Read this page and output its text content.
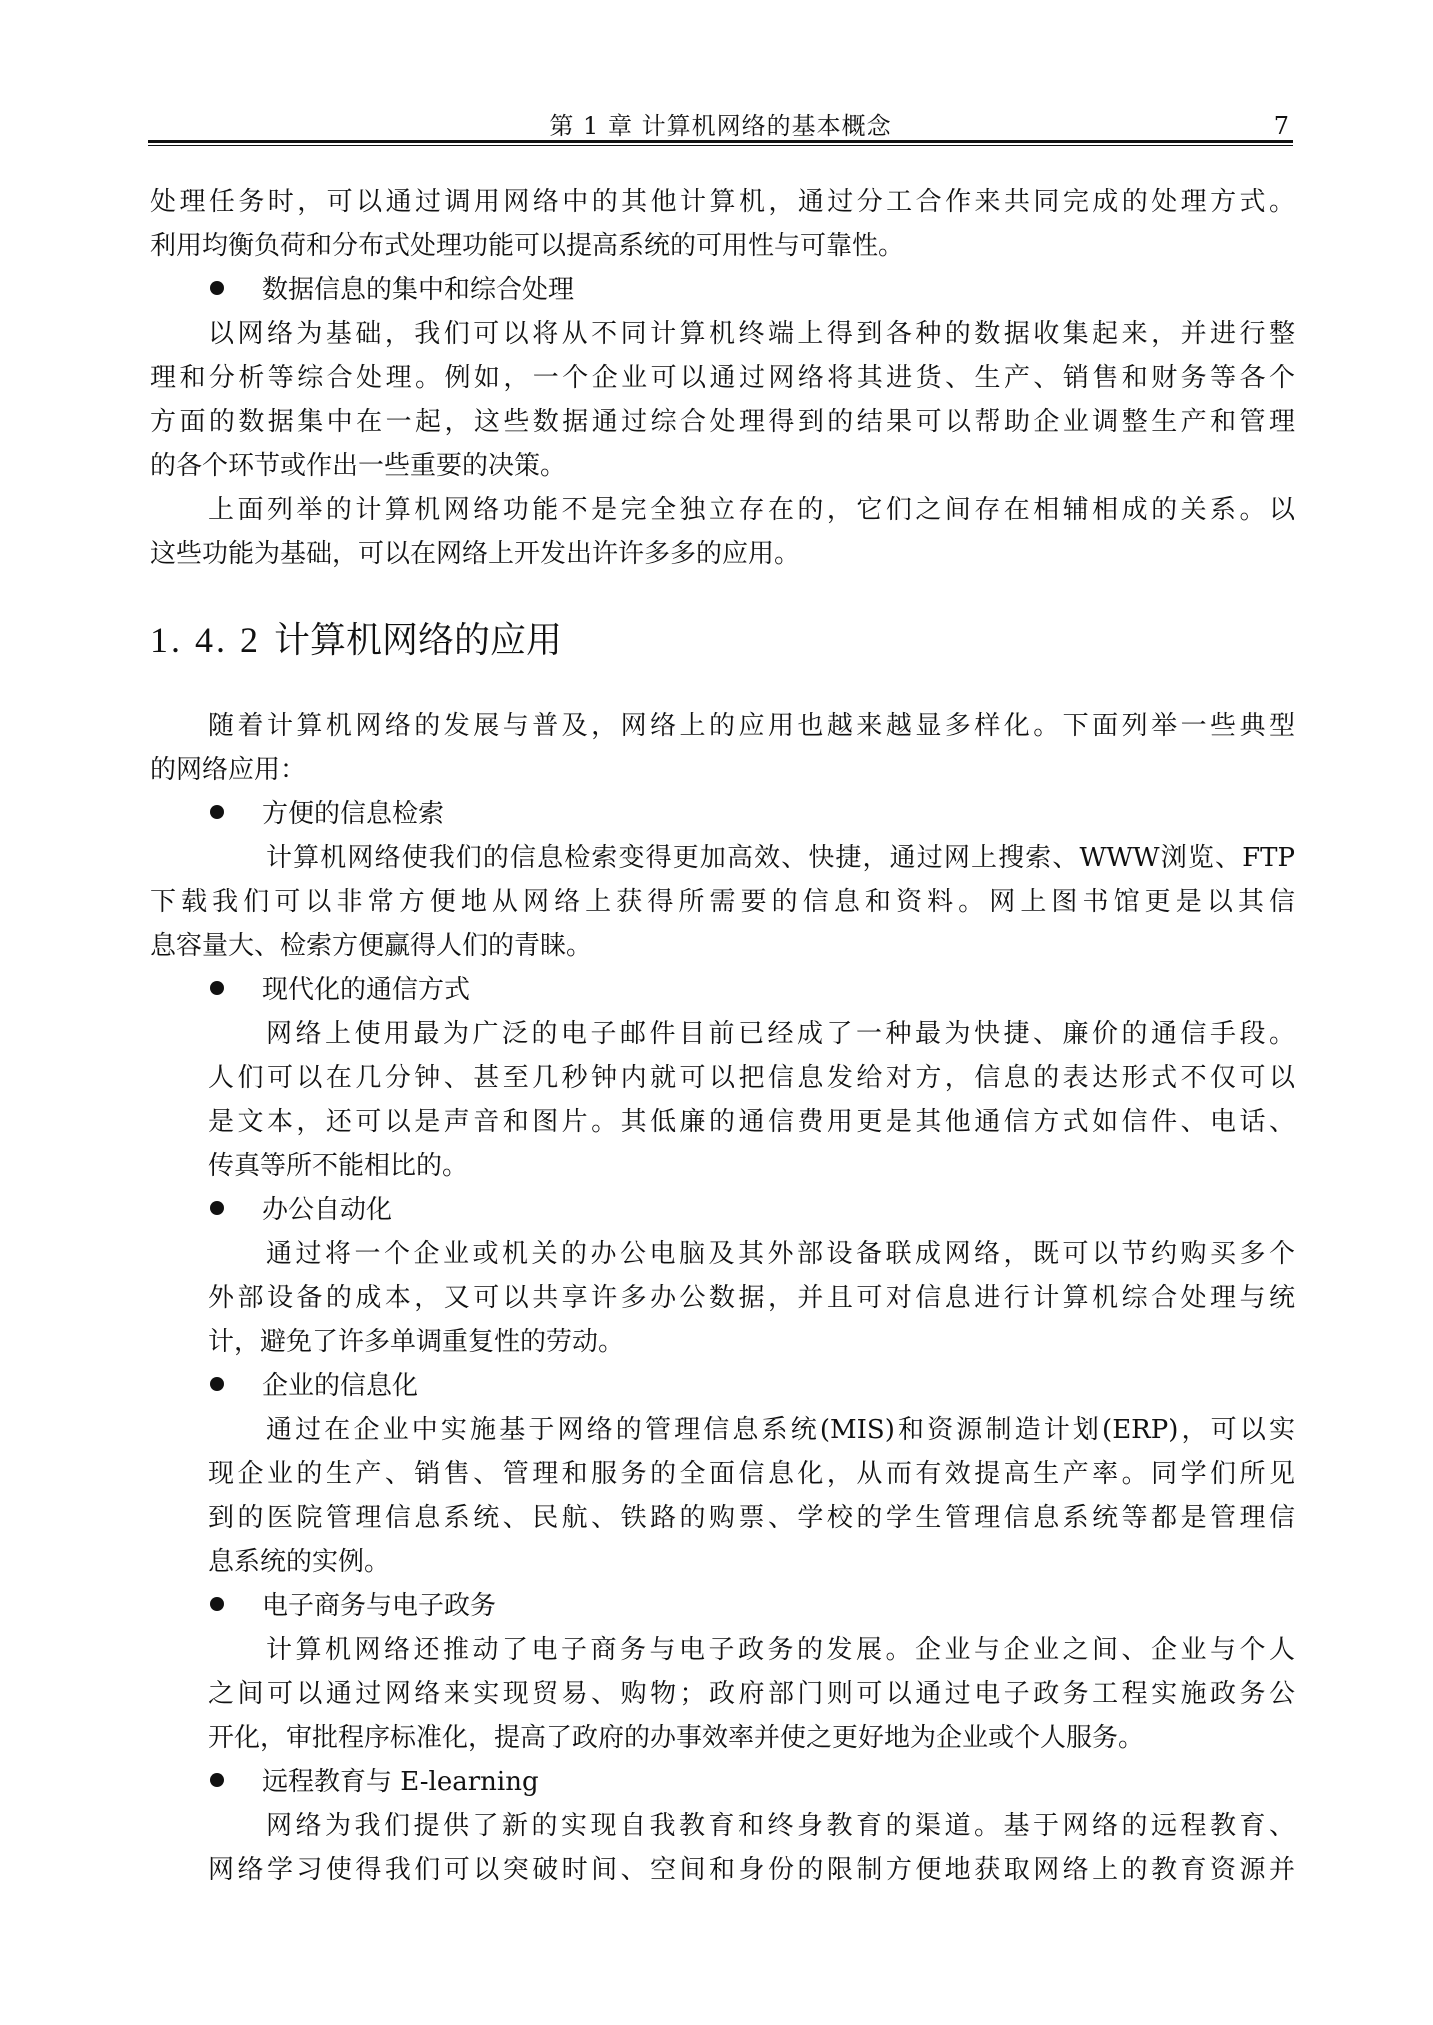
第 1 章 计算机网络的基本概念	7
处理任务时，可以通过调用网络中的其他计算机，通过分工合作来共同完成的处理方式。
利用均衡负荷和分布式处理功能可以提高系统的可用性与可靠性。
数据信息的集中和综合处理
以网络为基础，我们可以将从不同计算机终端上得到各种的数据收集起来，并进行整
理和分析等综合处理。例如，一个企业可以通过网络将其进货、生产、销售和财务等各个
方面的数据集中在一起，这些数据通过综合处理得到的结果可以帮助企业调整生产和管理
的各个环节或作出一些重要的决策。
上面列举的计算机网络功能不是完全独立存在的，它们之间存在相辅相成的关系。以
这些功能为基础，可以在网络上开发出许许多多的应用。
1. 4. 2 计算机网络的应用
随着计算机网络的发展与普及，网络上的应用也越来越显多样化。下面列举一些典型
的网络应用：
方便的信息检索
计算机网络使我们的信息检索变得更加高效、快捷，通过网上搜索、WWW浏览、FTP
下载我们可以非常方便地从网络上获得所需要的信息和资料。网上图书馆更是以其信
息容量大、检索方便赢得人们的青睐。
现代化的通信方式
网络上使用最为广泛的电子邮件目前已经成了一种最为快捷、廉价的通信手段。
人们可以在几分钟、甚至几秒钟内就可以把信息发给对方，信息的表达形式不仅可以
是文本，还可以是声音和图片。其低廉的通信费用更是其他通信方式如信件、电话、
传真等所不能相比的。
办公自动化
通过将一个企业或机关的办公电脑及其外部设备联成网络，既可以节约购买多个
外部设备的成本，又可以共享许多办公数据，并且可对信息进行计算机综合处理与统
计，避免了许多单调重复性的劳动。
企业的信息化
通过在企业中实施基于网络的管理信息系统(MIS)和资源制造计划(ERP)，可以实
现企业的生产、销售、管理和服务的全面信息化，从而有效提高生产率。同学们所见
到的医院管理信息系统、民航、铁路的购票、学校的学生管理信息系统等都是管理信
息系统的实例。
电子商务与电子政务
计算机网络还推动了电子商务与电子政务的发展。企业与企业之间、企业与个人
之间可以通过网络来实现贸易、购物；政府部门则可以通过电子政务工程实施政务公
开化，审批程序标准化，提高了政府的办事效率并使之更好地为企业或个人服务。
远程教育与 E-learning
网络为我们提供了新的实现自我教育和终身教育的渠道。基于网络的远程教育、
网络学习使得我们可以突破时间、空间和身份的限制方便地获取网络上的教育资源并
